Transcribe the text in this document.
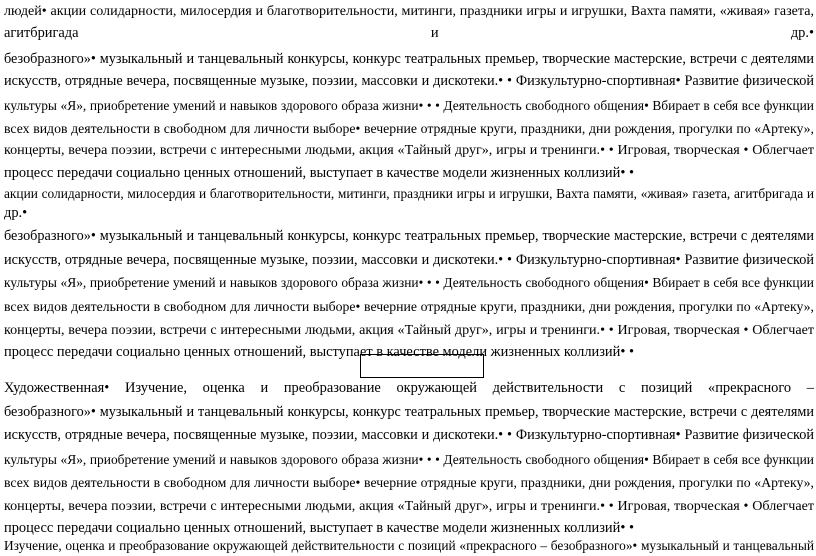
людей• акции солидарности, милосердия и благотворительности, митинги, праздники игры и игрушки, Вахта памяти, «живая» газета,
агитбригада и др.•
безобразного»• музыкальный и танцевальный конкурсы, конкурс театральных премьер, творческие мастерские, встречи с деятелями
искусств, отрядные вечера, посвященные музыке, поэзии, массовки и дискотеки.• • Физкультурно-спортивная• Развитие физической
культуры «Я», приобретение умений и навыков здорового образа жизни• • • Деятельность свободного общения• Вбирает в себя все функции
всех видов деятельности в свободном для личности выборе• вечерние отрядные круги, праздники, дни рождения, прогулки по «Артеку»,
концерты, вечера поэзии, встречи с интересными людьми, акция «Тайный друг», игры и тренинги.• • Игровая, творческая • Облегчает
процесс передачи социально ценных отношений, выступает в качестве модели жизненных коллизий• •
акции солидарности, милосердия и благотворительности, митинги, праздники игры и игрушки, Вахта памяти, «живая» газета, агитбригада и
др.•
безобразного»• музыкальный и танцевальный конкурсы, конкурс театральных премьер, творческие мастерские, встречи с деятелями
искусств, отрядные вечера, посвященные музыке, поэзии, массовки и дискотеки.• • Физкультурно-спортивная• Развитие физической
культуры «Я», приобретение умений и навыков здорового образа жизни• • • Деятельность свободного общения• Вбирает в себя все функции
всех видов деятельности в свободном для личности выборе• вечерние отрядные круги, праздники, дни рождения, прогулки по «Артеку»,
концерты, вечера поэзии, встречи с интересными людьми, акция «Тайный друг», игры и тренинги.• • Игровая, творческая • Облегчает
процесс передачи социально ценных отношений, выступает в качестве модели жизненных коллизий• •
Художественная• Изучение, оценка и преобразование окружающей действительности с позиций «прекрасного –
безобразного»• музыкальный и танцевальный конкурсы, конкурс театральных премьер, творческие мастерские, встречи с деятелями
искусств, отрядные вечера, посвященные музыке, поэзии, массовки и дискотеки.• • Физкультурно-спортивная• Развитие физической
культуры «Я», приобретение умений и навыков здорового образа жизни• • • Деятельность свободного общения• Вбирает в себя все функции
всех видов деятельности в свободном для личности выборе• вечерние отрядные круги, праздники, дни рождения, прогулки по «Артеку»,
концерты, вечера поэзии, встречи с интересными людьми, акция «Тайный друг», игры и тренинги.• • Игровая, творческая • Облегчает
процесс передачи социально ценных отношений, выступает в качестве модели жизненных коллизий• •
Изучение, оценка и преобразование окружающей действительности с позиций «прекрасного – безобразного»• музыкальный и танцевальный
